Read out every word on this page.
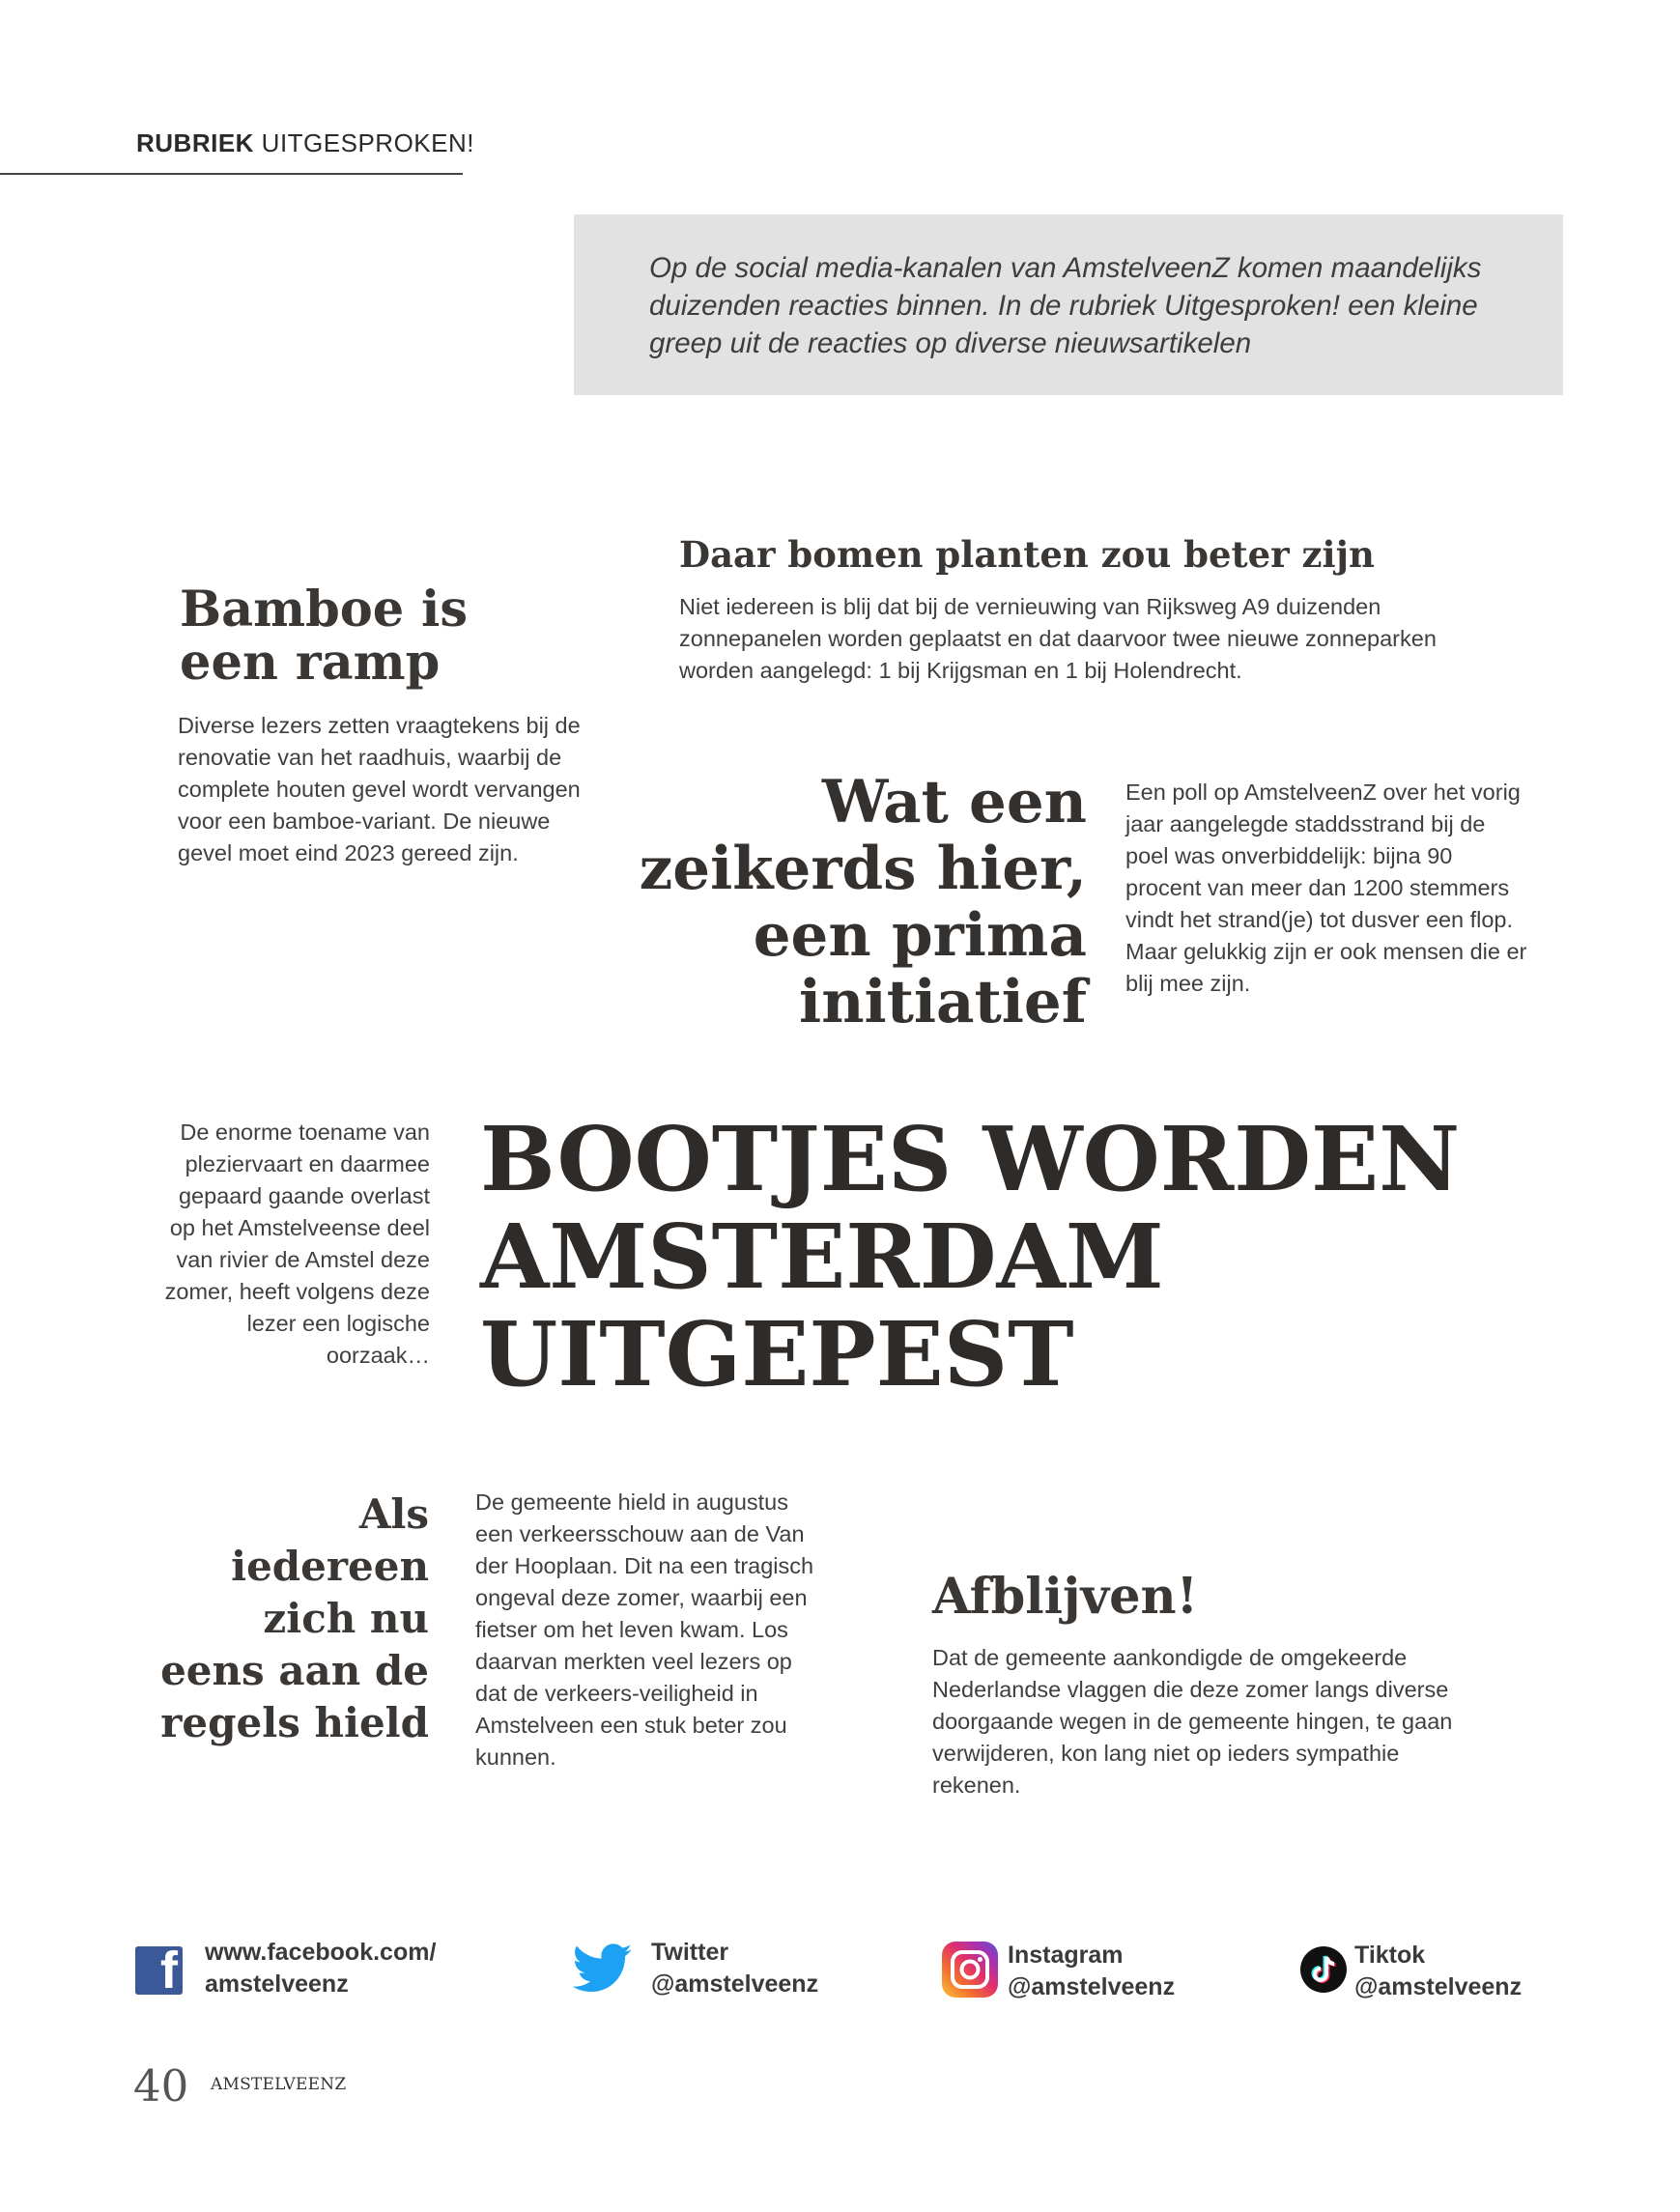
RUBRIEK UITGESPROKEN!
Op de social media-kanalen van AmstelveenZ komen maandelijks duizenden reacties binnen. In de rubriek Uitgesproken! een kleine greep uit de reacties op diverse nieuwsartikelen
Daar bomen planten zou beter zijn
Niet iedereen is blij dat bij de vernieuwing van Rijksweg A9 duizenden zonnepanelen worden geplaatst en dat daarvoor twee nieuwe zonneparken worden aangelegd: 1 bij Krijgsman en 1 bij Holendrecht.
Bamboe is een ramp
Diverse lezers zetten vraagtekens bij de renovatie van het raadhuis, waarbij de complete houten gevel wordt vervangen voor een bamboe-variant. De nieuwe gevel moet eind 2023 gereed zijn.
Wat een zeikerds hier, een prima initiatief
Een poll op AmstelveenZ over het vorig jaar aangelegde staddsstrand bij de poel was onverbiddelijk: bijna 90 procent van meer dan 1200 stemmers vindt het strand(je) tot dusver een flop. Maar gelukkig zijn er ook mensen die er blij mee zijn.
De enorme toename van pleziervaart en daarmee gepaard gaande overlast op het Amstelveense deel van rivier de Amstel deze zomer, heeft volgens deze lezer een logische oorzaak…
BOOTJES WORDEN AMSTERDAM UITGEPEST
Als iedereen zich nu eens aan de regels hield
De gemeente hield in augustus een verkeersschouw aan de Van der Hooplaan. Dit na een tragisch ongeval deze zomer, waarbij een fietser om het leven kwam. Los daarvan merkten veel lezers op dat de verkeers-veiligheid in Amstelveen een stuk beter zou kunnen.
Afblijven!
Dat de gemeente aankondigde de omgekeerde Nederlandse vlaggen die deze zomer langs diverse doorgaande wegen in de gemeente hingen, te gaan verwijderen, kon lang niet op ieders sympathie rekenen.
f www.facebook.com/
amstelveenz
Twitter
@amstelveenz
Instagram
@amstelveenz
Tiktok
@amstelveenz
40 AMSTELVEENZ
